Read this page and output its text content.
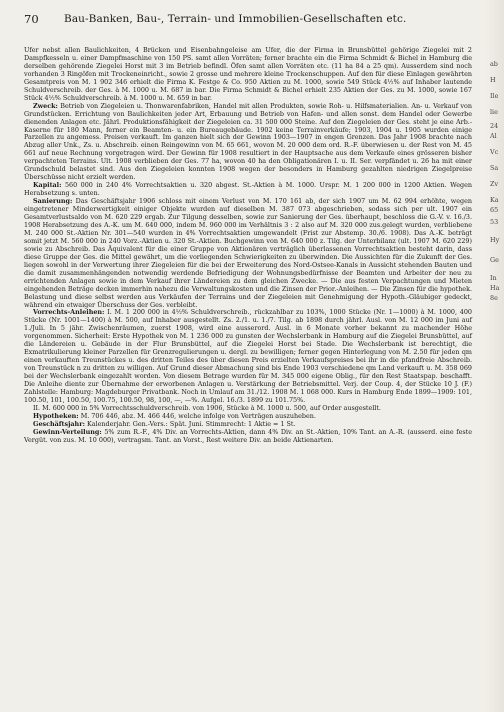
70 Bau-Banken, Bau-, Terrain- und Immobilien-Gesellschaften etc.

Ufer nebst allen Baulichkeiten, 4 Brücken und Eisenbahngeleise am Ufer, die der Firma in Brunsbüttel gehörige Ziegelei mit 2 Dampfkesseln u. einer Dampfmaschine von 150 PS. samt allen Vorräten; ferner brachte ein die Firma Schmidt & Bichel in Hamburg die derselben gehörende Ziegelei Horst mit 3 im Betrieb befindl. Öfen samt allen Vorräten etc. (11 ha 84 a 25 qm). Ausserdem sind noch vorhanden 3 Ringöfen mit Trockeneinricht., sowie 2 grosse und mehrere kleine Trockenschuppen. Auf den für diese Einlagen gewährten Gesamtpreis von M. 1 902 346 erhielt die Firma K. Festge & Co. 950 Aktien zu M. 1000, sowie 549 Stück 4½% auf Inhaber lautende Schuldverschreib. der Ges. à M. 1000 u. M. 687 in bar. Die Firma Schmidt & Bichel erhielt 235 Aktien der Ges. zu M. 1000, sowie 167 Stück 4½% Schuldverschreib. à M. 1000 u. M. 659 in bar.

Zweck: Betrieb von Ziegeleien u. Thonwarenfabriken, Handel mit allen Produkten, sowie Roh- u. Hilfsmaterialien. An- u. Verkauf von Grundstücken. Errichtung von Baulichkeiten jeder Art, Erbauung und Betrieb von Hafen- und allen sonst. dem Handel oder Gewerbe dienenden Anlagen etc. Jährl. Produktionsfähigkeit der Ziegeleien ca. 31 500 000 Steine. Auf den Ziegeleien der Ges. steht je eine Arb.-Kaserne für 180 Mann, ferner ein Beamten- u. ein Bureaugebäude. 1902 keine Terrainverkäufe; 1903, 1904 u. 1905 wurden einige Parzellen zu angemess. Preisen verkauft. Im ganzen hielt sich der Gewinn 1903—1907 in engen Grenzen. Das Jahr 1908 brachte nach Abzug aller Unk., Zs. u. Abschreib. einen Reingewinn von M. 65 661, wovon M. 20 000 dem ord. R.-F. überwiesen u. der Rest von M. 45 661 auf neue Rechnung vorgetragen wird. Der Gewinn für 1908 resultiert in der Hauptsache aus dem Verkaufe eines grösseren bisher verpachteten Terrains. Ult. 1908 verblieben der Ges. 77 ha, wovon 40 ha den Obligationären I. u. II. Ser. verpfändet u. 26 ha mit einer Grundschuld belastet sind. Aus den Ziegeleien konnten 1908 wegen der besonders in Hamburg gezahlten niedrigen Ziegelpreise Überschüsse nicht erzielt werden.

Kapital: 560 000 in 240 4% Vorrechtsaktien u. 320 abgest. St.-Aktien à M. 1000. Urspr. M. 1 200 000 in 1200 Aktien. Wegen Herabsetzung s. unten.

Sanierung: Das Geschäftsjahr 1906 schloss mit einem Verlust von M. 170 161 ab, der sich 1907 um M. 62 994 erhöhte, wegen eingetretener Minderwertigkeit einiger Objekte wurden auf dieselben M. 387 073 abgeschrieben, sodass sich per ult. 1907 ein Gesamtverlustsaldo von M. 620 229 ergab. Zur Tilgung desselben, sowie zur Sanierung der Ges. überhaupt, beschloss die G.-V. v. 16./3. 1908 Herabsetzung des A.-K. um M. 640 000, indem M. 960 000 im Verhältnis 3 : 2 also auf M. 320 000 zus.gelegt wurden, verbliebene M. 240 000 St.-Aktien Nr. 301—540 wurden in 4% Vorrechtsaktien umgewandelt (Frist zur Abstemp. 30./6. 1908). Das A.-K. beträgt somit jetzt M. 560 000 in 240 Vorz.-Aktien u. 320 St.-Aktien. Buchgewinn von M. 640 000 z. Tilg. der Unterbilanz (ult. 1907 M. 620 229) sowie zu Abschreib. Das Äquivalent für die einer Gruppe von Aktionären verträglich überlassenen Vorrechtsaktien besteht darin, dass diese Gruppe der Ges. die Mittel gewährt, um die vorliegenden Schwierigkeiten zu überwinden. Die Aussichten für die Zukunft der Ges. liegen sowohl in der Verwertung ihrer Ziegeleien für die bei der Erweiterung des Nord-Ostsee-Kanals in Aussicht stehenden Bauten und die damit zusammenhängenden notwendig werdende Befriedigung der Wohnungsbedürfnisse der Beamten und Arbeiter der neu zu errichtenden Anlagen sowie in dem Verkauf ihrer Ländereien zu dem gleichen Zwecke. — Die aus festen Verpachtungen und Mieten eingehenden Beträge decken immerhin nahezu die Verwaltungskosten und die Zinsen der Prior.-Anleihen. — Die Zinsen für die hypothek. Belastung und diese selbst werden aus Verkäufen der Terrains und der Ziegeleien mit Genehmigung der Hypoth.-Gläubiger gedeckt, während ein etwaiger Überschuss der Ges. verbleibt.

Vorrechts-Anleihen: I. M. 1 200 000 in 4½% Schuldverschreib., rückzahlbar zu 103%, 1000 Stücke (Nr. 1—1000) à M. 1000, 400 Stücke (Nr. 1001—1400) à M. 500, auf Inhaber ausgestellt. Zs. 2./1. u. 1./7. Tilg. ab 1898 durch jährl. Ausl. von M. 12 000 im Juni auf 1./Juli. In 5 jähr. Zwischenräumen, zuerst 1908, wird eine ausserord. Ausl. in 6 Monate vorher bekannt zu machender Höhe vorgenommen. Sicherheit: Erste Hypothek von M. 1 236 000 zu gunsten der Wechslerbank in Hamburg auf die Ziegelei Brunsbüttel, auf die Ländereien u. Gebäude in der Flur Brunsbüttel, auf die Ziegelei Horst bei Stade. Die Wechslerbank ist berechtigt, die Exmatrikulierung kleiner Parzellen für Grenzregulierungen u. dergl. zu bewilligen; ferner gegen Hinterlegung von M. 2.50 für jeden qm einen verkauften Treunstückes u. des dritten Teiles des über diesen Preis erzielten Verkaufspreises bei ihr in die pfandfreie Abschreib. von Treunstück n zu dritten zu willigen. Auf Grund dieser Abmachung sind bis Ende 1903 verschiedene qm Land verkauft u. M. 358 069 bei der Wechslerbank eingezahlt worden. Von diesem Betrage wurden für M. 345 000 eigene Oblig., für den Rest Staatspap. beschafft. Die Anleihe diente zur Übernahme der erworbenen Anlagen u. Verstärkung der Betriebsmittel. Verj. der Coup. 4, der Stücke 10 J. (F.) Zahlstelle: Hamburg: Magdeburger Privatbank. Noch in Umlauf am 31./12. 1908 M. 1 068 000. Kurs in Hamburg Ende 1899—1909: 101, 100.50, 101, 100.50, 100.75, 100.50, 98, 100, —, —%. Aufgel. 16./3. 1899 zu 101.75%.

II. M. 600 000 in 5% Vorrechtsschuldverschreib. von 1906, Stücke à M. 1000 u. 500, auf Order ausgestellt.

Hypotheken: M. 706 446, abz. M. 466 446, welche infolge von Verträgen auszuheben.

Geschäftsjahr: Kalenderjahr. Gen.-Vers.: Spät. Juni. Stimmrecht: 1 Aktie = 1 St.

Gewinn-Verteilung: 5% zum R.-F., 4% Div. an Vorrechts-Aktien, dann 4% Div. an St.-Aktien, 10% Tant. an A.-R. (ausserd. eine feste Vergüt. von zus. M. 10 000), vertragsm. Tant. an Vorst., Rest weitere Div. an beide Aktienarten.

ab
H
Ile
lie
24
Al
Vc
Sa
Zv
Ka
65
53
Hy
Ge
In
Ha
8e
